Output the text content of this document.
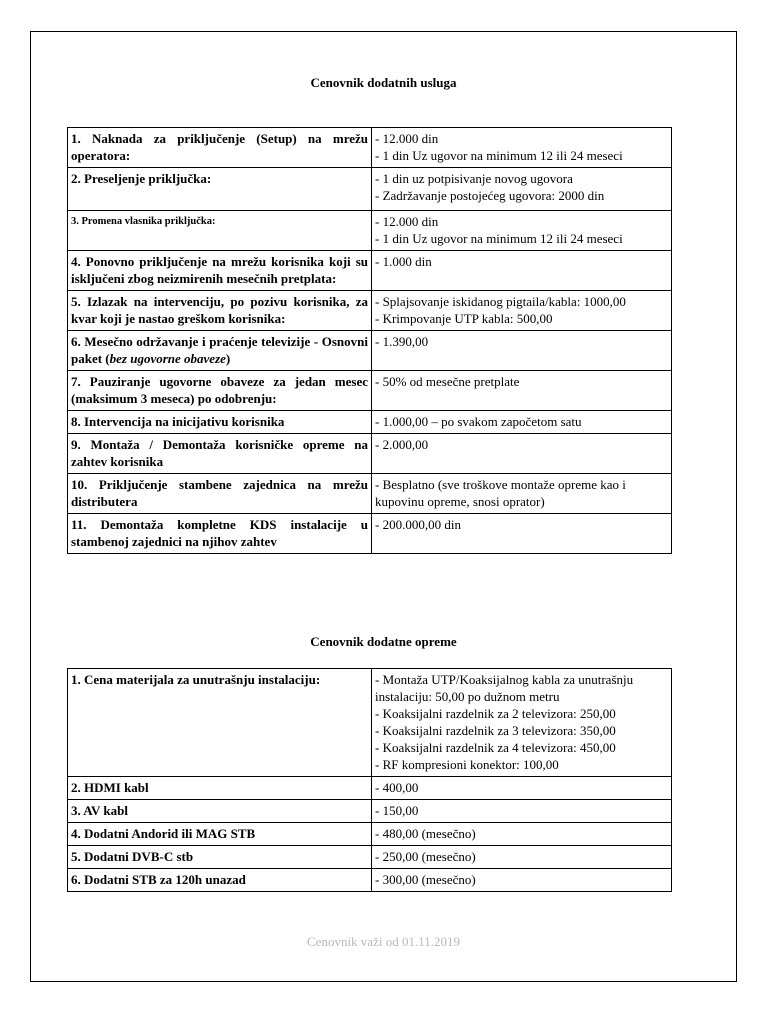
Cenovnik dodatnih usluga
1. Naknada za priključenje (Setup) na mrežu operatora:	- 12.000 din
- 1 din Uz ugovor na minimum 12 ili 24 meseci

2. Preseljenje priključka:	- 1 din uz potpisivanje novog ugovora
- Zadržavanje postojećeg ugovora: 2000 din

3. Promena vlasnika priključka:	- 12.000 din
- 1 din Uz ugovor na minimum 12 ili 24 meseci

4. Ponovno priključenje na mrežu korisnika koji su isključeni zbog neizmirenih mesečnih pretplata:	- 1.000 din

5. Izlazak na intervenciju, po pozivu korisnika, za kvar koji je nastao greškom korisnika:	- Splajsovanje iskidanog pigtaila/kabla: 1000,00
- Krimpovanje UTP kabla: 500,00

6. Mesečno održavanje i praćenje televizije - Osnovni paket (bez ugovorne obaveze)	- 1.390,00

7. Pauziranje ugovorne obaveze za jedan mesec (maksimum 3 meseca) po odobrenju:	- 50% od mesečne pretplate

8. Intervencija na inicijativu korisnika	- 1.000,00 – po svakom započetom satu

9. Montaža / Demontaža korisničke opreme na zahtev korisnika	- 2.000,00

10. Priključenje stambene zajednica na mrežu distributera	- Besplatno (sve troškove montaže opreme kao i kupovinu opreme, snosi oprator)

11. Demontaža kompletne KDS instalacije u stambenoj zajednici na njihov zahtev	- 200.000,00 din
Cenovnik dodatne opreme
1. Cena materijala za unutrašnju instalaciju:	- Montaža UTP/Koaksijalnog kabla za unutrašnju instalaciju: 50,00 po dužnom metru
- Koaksijalni razdelnik za 2 televizora: 250,00
- Koaksijalni razdelnik za 3 televizora: 350,00
- Koaksijalni razdelnik za 4 televizora: 450,00
- RF kompresioni konektor: 100,00

2. HDMI kabl	- 400,00

3. AV kabl	- 150,00

4. Dodatni Andorid ili MAG STB	- 480,00 (mesečno)

5. Dodatni DVB-C stb	- 250,00 (mesečno)

6. Dodatni STB za 120h unazad	- 300,00 (mesečno)
Cenovnik važi od 01.11.2019
